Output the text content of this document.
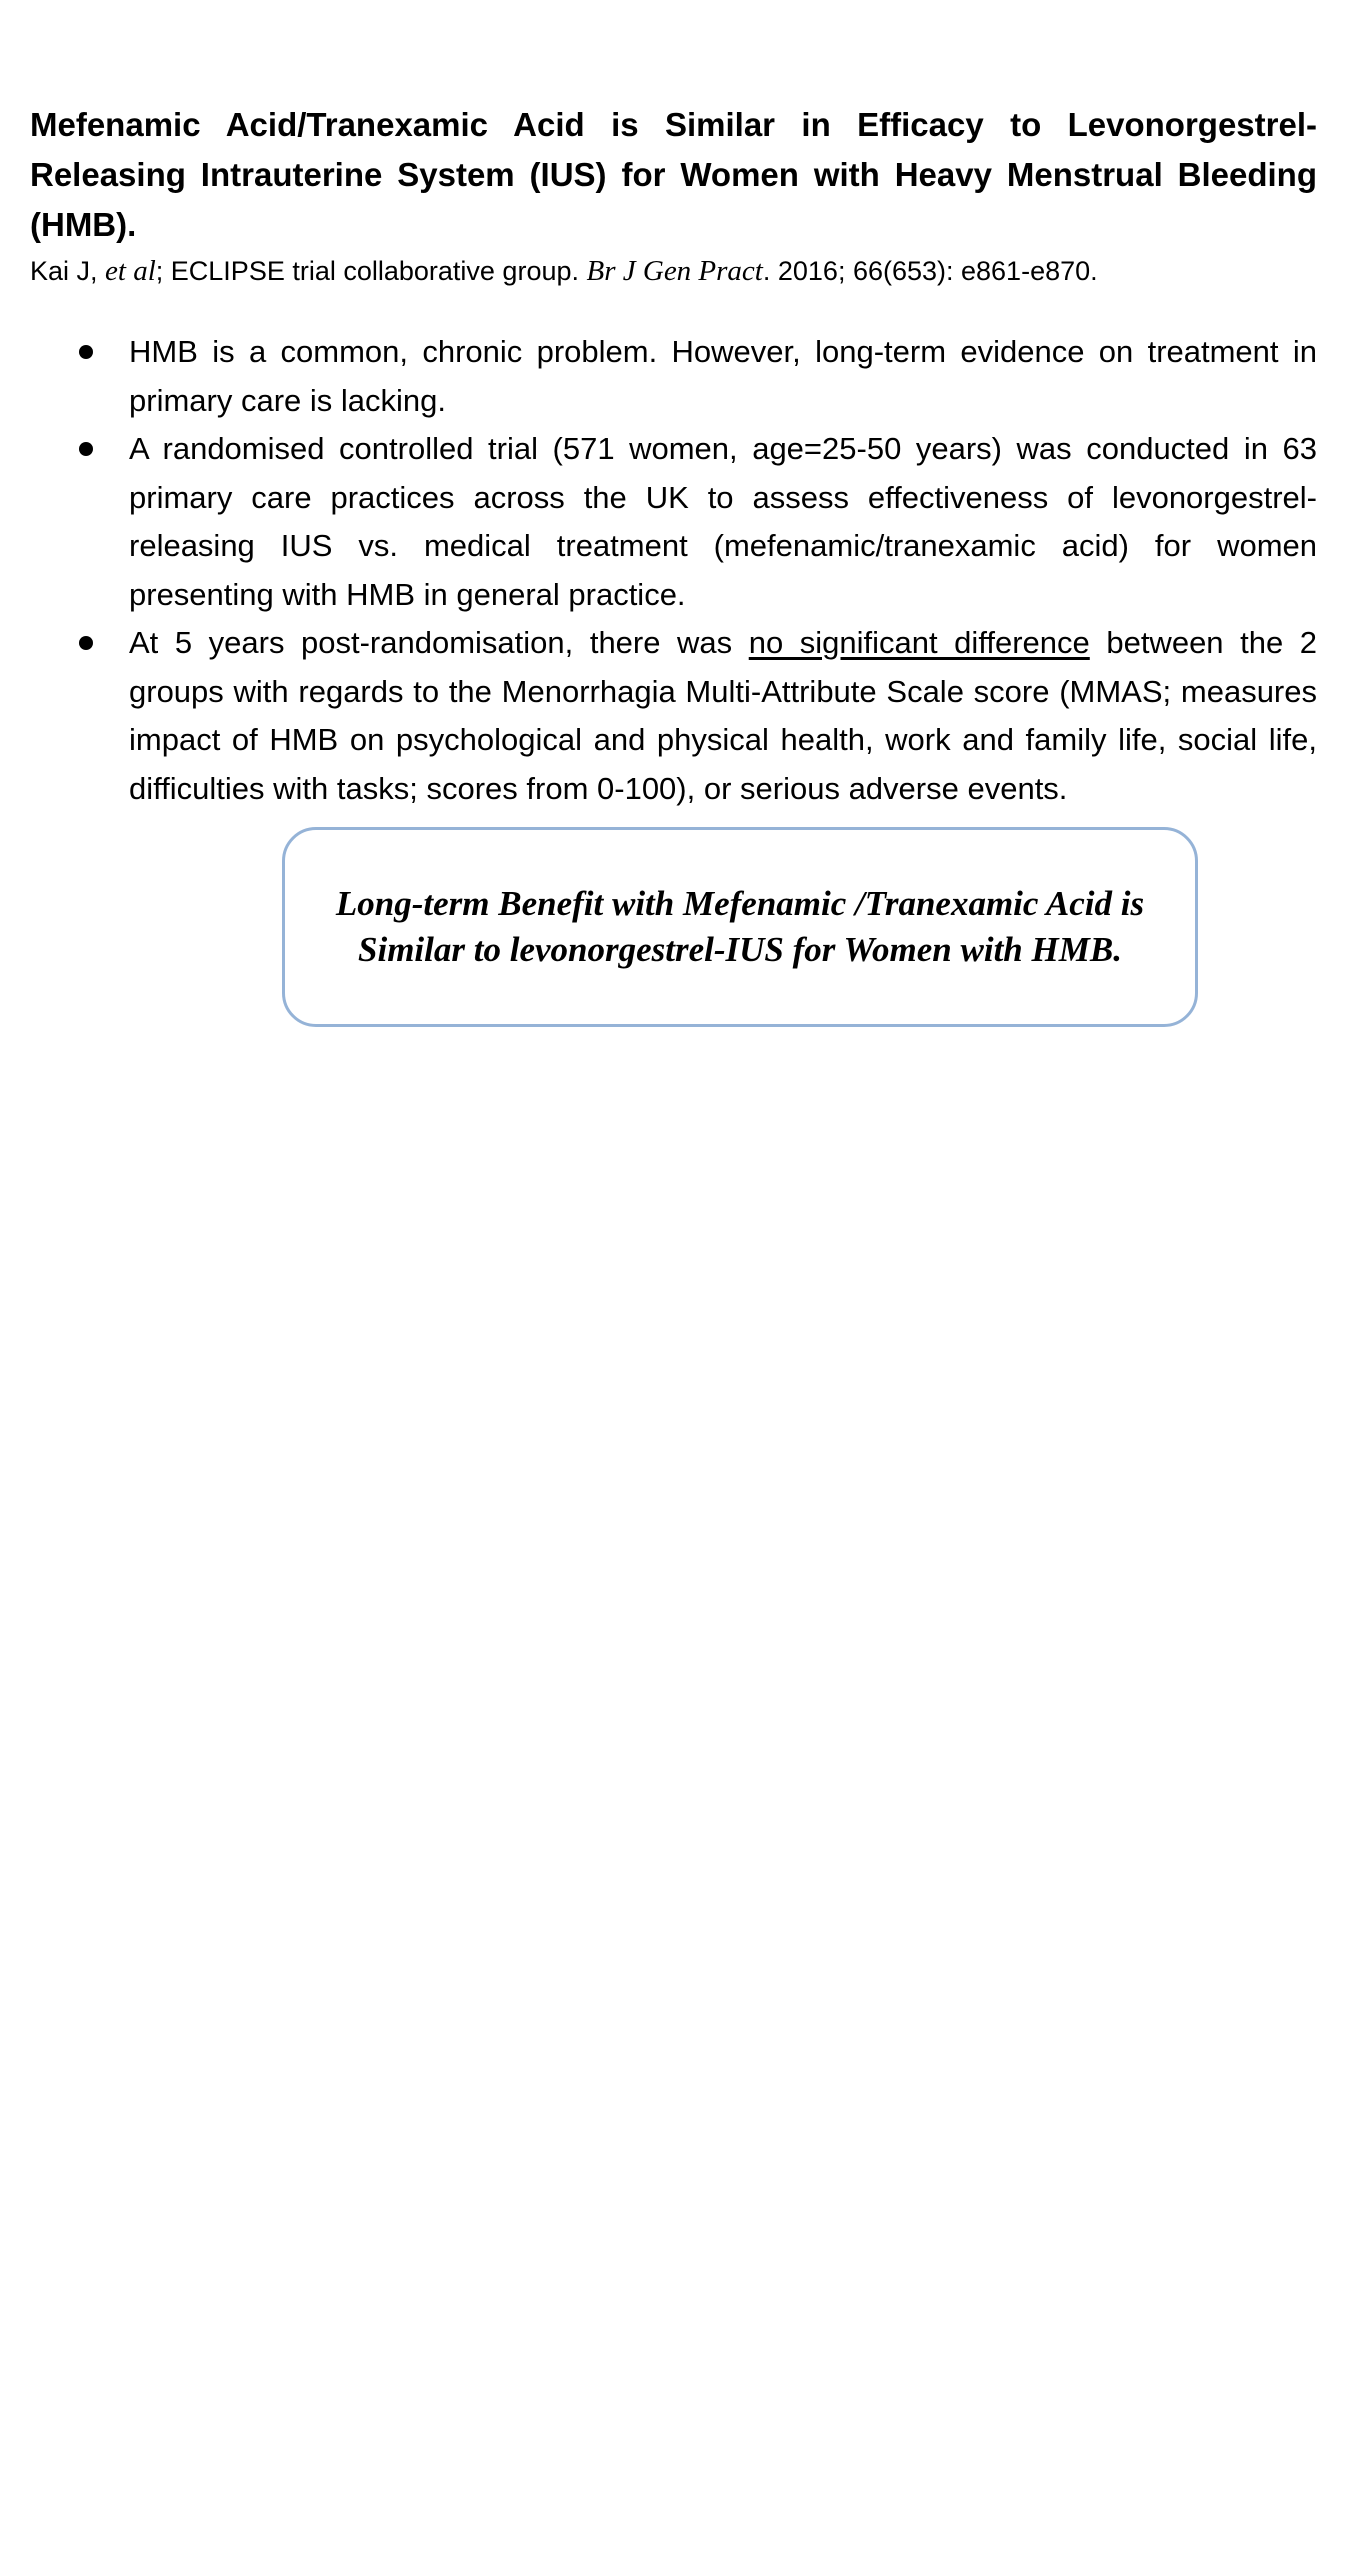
Mefenamic Acid/Tranexamic Acid is Similar in Efficacy to Levonorgestrel- Releasing Intrauterine System (IUS) for Women with Heavy Menstrual Bleeding (HMB).

Kai J, et al; ECLIPSE trial collaborative group. Br J Gen Pract. 2016; 66(653): e861-e870.

HMB is a common, chronic problem. However, long-term evidence on treatment in primary care is lacking.
A randomised controlled trial (571 women, age=25-50 years) was conducted in 63 primary care practices across the UK to assess effectiveness of levonorgestrel-releasing IUS vs. medical treatment (mefenamic/tranexamic acid) for women presenting with HMB in general practice.
At 5 years post-randomisation, there was no significant difference between the 2 groups with regards to the Menorrhagia Multi-Attribute Scale score (MMAS; measures impact of HMB on psychological and physical health, work and family life, social life, difficulties with tasks; scores from 0-100), or serious adverse events.
Long-term Benefit with Mefenamic /Tranexamic Acid is
Similar to levonorgestrel-IUS for Women with HMB.
